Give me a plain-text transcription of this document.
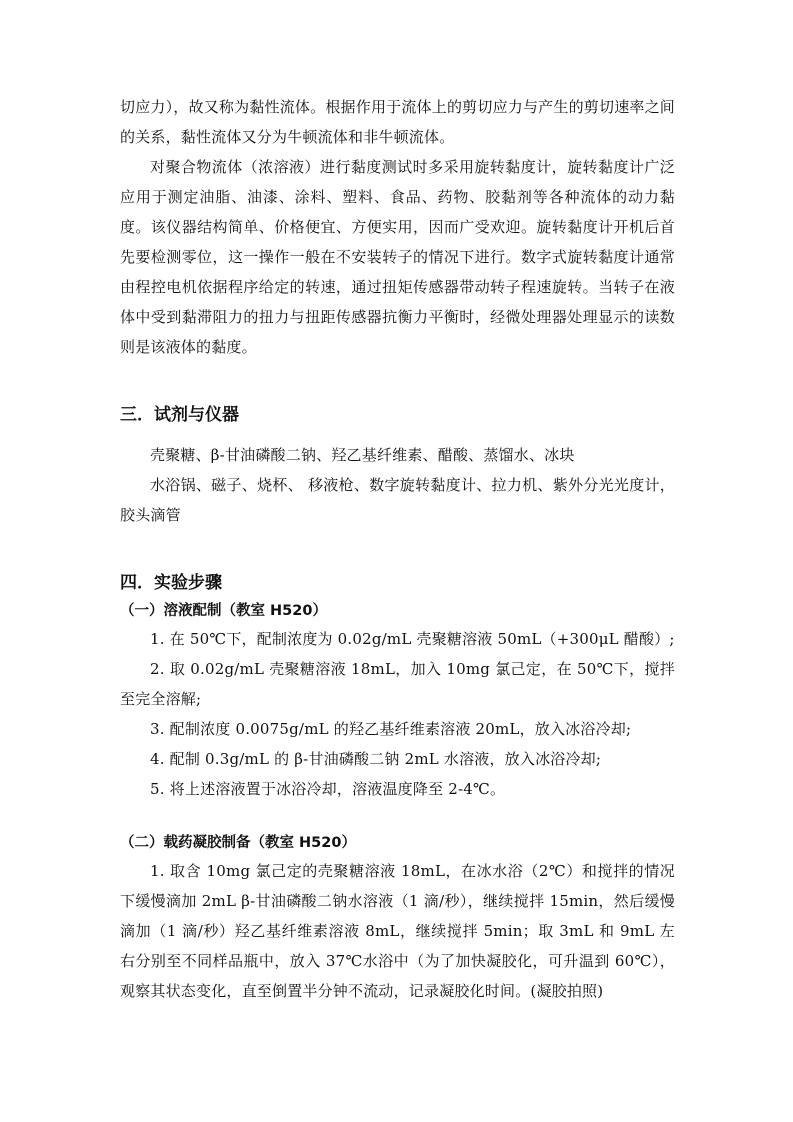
切应力），故又称为黏性流体。根据作用于流体上的剪切应力与产生的剪切速率之间的关系，黏性流体又分为牛顿流体和非牛顿流体。

对聚合物流体（浓溶液）进行黏度测试时多采用旋转黏度计，旋转黏度计广泛应用于测定油脂、油漆、涂料、塑料、食品、药物、胶黏剂等各种流体的动力黏度。该仪器结构简单、价格便宜、方便实用，因而广受欢迎。旋转黏度计开机后首先要检测零位，这一操作一般在不安装转子的情况下进行。数字式旋转黏度计通常由程控电机依据程序给定的转速，通过扭矩传感器带动转子程速旋转。当转子在液体中受到黏滞阻力的扭力与扭距传感器抗衡力平衡时，经微处理器处理显示的读数则是该液体的黏度。

三．试剂与仪器

壳聚糖、β-甘油磷酸二钠、羟乙基纤维素、醋酸、蒸馏水、冰块

水浴锅、磁子、烧杯、 移液枪、数字旋转黏度计、拉力机、紫外分光光度计，胶头滴管

四．实验步骤
（一）溶液配制（教室 H520）

1. 在 50℃下，配制浓度为 0.02g/mL 壳聚糖溶液 50mL（+300μL 醋酸）;

2. 取 0.02g/mL 壳聚糖溶液 18mL，加入 10mg 氯己定，在 50℃下，搅拌至完全溶解;

3. 配制浓度 0.0075g/mL 的羟乙基纤维素溶液 20mL，放入冰浴冷却;

4. 配制 0.3g/mL 的 β-甘油磷酸二钠 2mL 水溶液，放入冰浴冷却;

5. 将上述溶液置于冰浴冷却，溶液温度降至 2-4℃。

（二）载药凝胶制备（教室 H520）

1. 取含 10mg 氯己定的壳聚糖溶液 18mL，在冰水浴（2℃）和搅拌的情况下缓慢滴加 2mL β-甘油磷酸二钠水溶液（1 滴/秒），继续搅拌 15min，然后缓慢滴加（1 滴/秒）羟乙基纤维素溶液 8mL，继续搅拌 5min；取 3mL 和 9mL 左右分别至不同样品瓶中，放入 37℃水浴中（为了加快凝胶化，可升温到 60℃），观察其状态变化，直至倒置半分钟不流动，记录凝胶化时间。(凝胶拍照)
